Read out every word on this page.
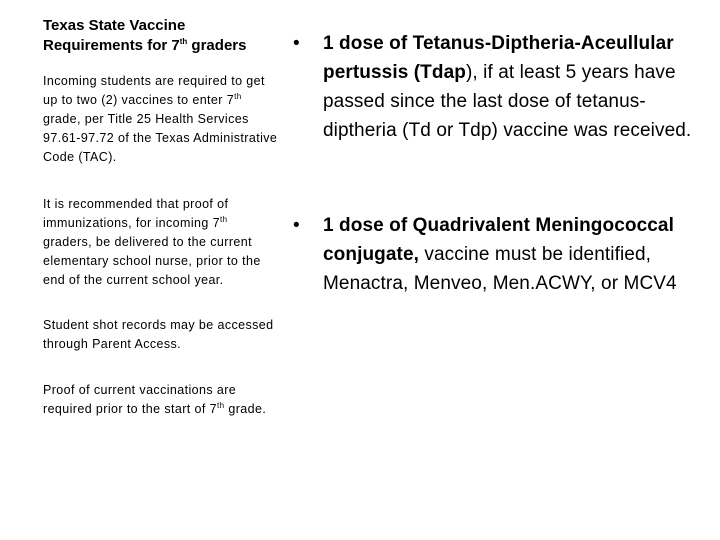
Texas State Vaccine Requirements for 7th graders

Incoming students are required to get up to two (2) vaccines to enter 7th grade, per Title 25 Health Services 97.61-97.72 of the Texas Administrative Code (TAC).

It is recommended that proof of immunizations, for incoming 7th graders, be delivered to the current elementary school nurse, prior to the end of the current school year.

Student shot records may be accessed through Parent Access.

Proof of current vaccinations are required prior to the start of 7th grade.

•	1 dose of Tetanus-Diptheria-Aceullular pertussis (Tdap), if at least 5 years have passed since the last dose of tetanus-diptheria (Td or Tdp) vaccine was received.
•	1 dose of Quadrivalent Meningococcal conjugate, vaccine must be identified, Menactra, Menveo, Men.ACWY, or MCV4
